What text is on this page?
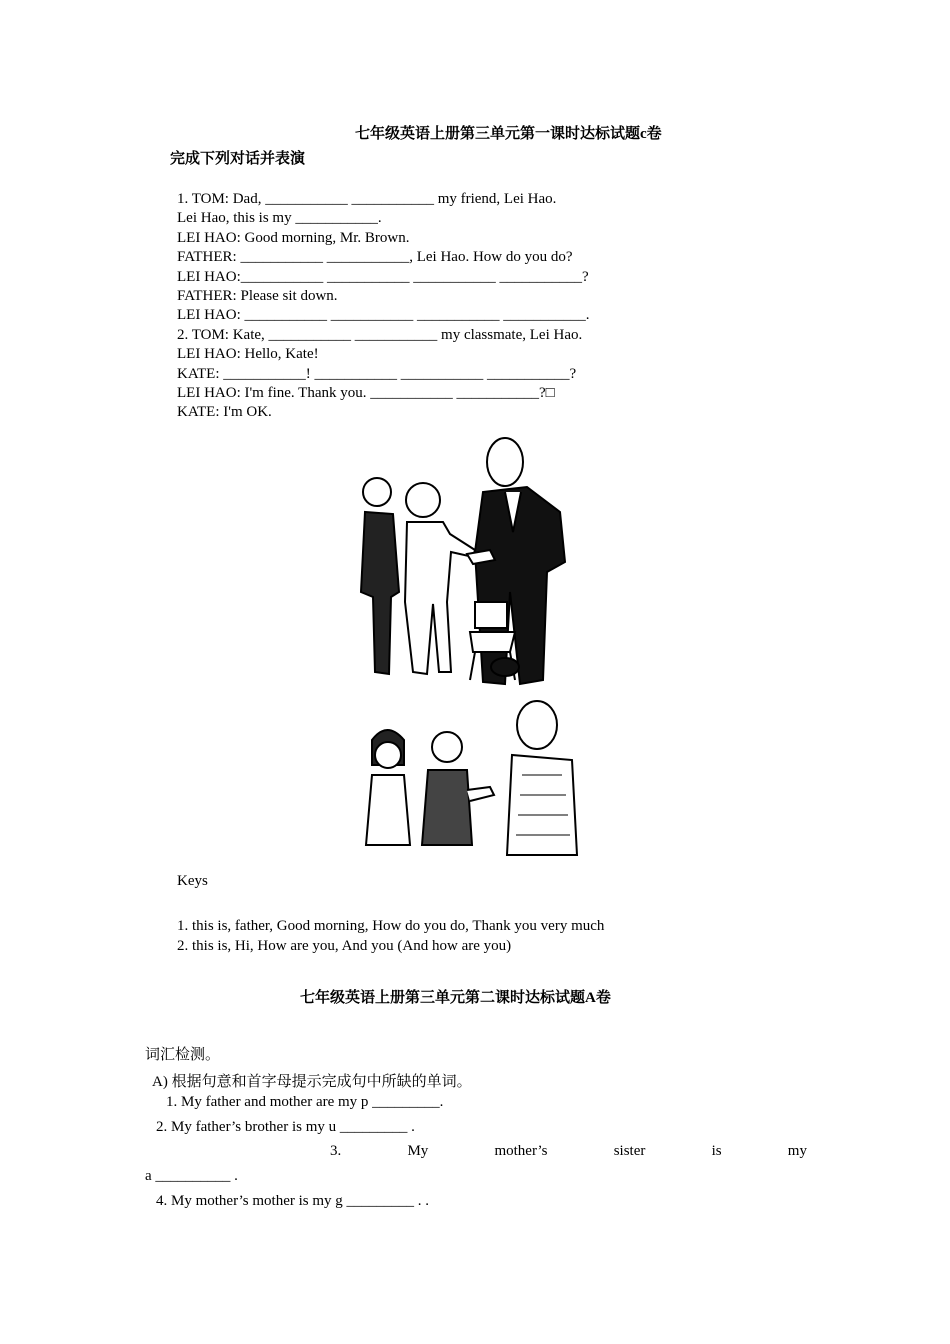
七年级英语上册第三单元第一课时达标试题c卷
完成下列对话并表演
1. TOM: Dad, ___________ ___________ my friend, Lei Hao.
Lei Hao, this is my ___________.
LEI HAO: Good morning, Mr. Brown.
FATHER: ___________ ___________, Lei Hao. How do you do?
LEI HAO:___________ ___________ ___________ ___________?
FATHER: Please sit down.
LEI HAO: ___________ ___________ ___________ ___________.
2. TOM: Kate, ___________ ___________ my classmate, Lei Hao.
LEI HAO: Hello, Kate!
KATE: ___________! ___________ ___________ ___________?
LEI HAO: I'm fine. Thank you. ___________ ___________?□
KATE: I'm OK.
Keys
1. this is, father, Good morning, How do you do, Thank you very much
2. this is, Hi, How are you, And you (And how are you)
七年级英语上册第三单元第二课时达标试题A卷
词汇检测。
A) 根据句意和首字母提示完成句中所缺的单词。
1. My father and mother are my p _________.
2. My father’s brother is my u _________ .
3.	My	mother’s	sister	is	my
a __________ .
4. My mother’s mother is my g _________ . .
